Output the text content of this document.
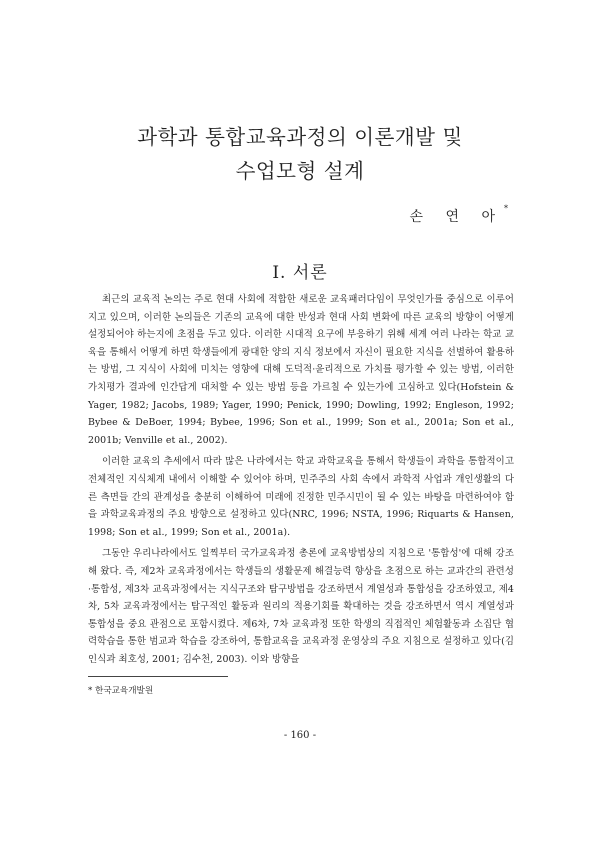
과학과 통합교육과정의 이론개발 및
수업모형 설계
손 연 아*
Ⅰ. 서론

최근의 교육적 논의는 주로 현대 사회에 적합한 새로운 교육패러다임이 무엇인가를 중심으로 이루어지고 있으며, 이러한 논의들은 기존의 교육에 대한 반성과 현대 사회 변화에 따른 교육의 방향이 어떻게 설정되어야 하는지에 초점을 두고 있다. 이러한 시대적 요구에 부응하기 위해 세계 여러 나라는 학교 교육을 통해서 어떻게 하면 학생들에게 광대한 양의 지식 정보에서 자신이 필요한 지식을 선별하여 활용하는 방법, 그 지식이 사회에 미치는 영향에 대해 도덕적·윤리적으로 가치를 평가할 수 있는 방법, 이러한 가치평가 결과에 인간답게 대처할 수 있는 방법 등을 가르칠 수 있는가에 고심하고 있다(Hofstein & Yager, 1982; Jacobs, 1989; Yager, 1990; Penick, 1990; Dowling, 1992; Engleson, 1992; Bybee & DeBoer, 1994; Bybee, 1996; Son et al., 1999; Son et al., 2001a; Son et al., 2001b; Venville et al., 2002).

이러한 교육의 추세에서 따라 많은 나라에서는 학교 과학교육을 통해서 학생들이 과학을 통합적이고 전체적인 지식체계 내에서 이해할 수 있어야 하며, 민주주의 사회 속에서 과학적 사업과 개인생활의 다른 측면들 간의 관계성을 충분히 이해하여 미래에 진정한 민주시민이 될 수 있는 바탕을 마련하여야 함을 과학교육과정의 주요 방향으로 설정하고 있다(NRC, 1996; NSTA, 1996; Riquarts & Hansen, 1998; Son et al., 1999; Son et al., 2001a).

그동안 우리나라에서도 일찍부터 국가교육과정 총론에 교육방법상의 지침으로 '통합성'에 대해 강조해 왔다. 즉, 제2차 교육과정에서는 학생들의 생활문제 해결능력 향상을 초점으로 하는 교과간의 관련성·통합성, 제3차 교육과정에서는 지식구조와 탐구방법을 강조하면서 계열성과 통합성을 강조하였고, 제4차, 5차 교육과정에서는 탐구적인 활동과 원리의 적용기회를 확대하는 것을 강조하면서 역시 계열성과 통합성을 중요 관점으로 포함시켰다. 제6차, 7차 교육과정 또한 학생의 직접적인 체험활동과 소집단 협력학습을 통한 범교과 학습을 강조하여, 통합교육을 교육과정 운영상의 주요 지침으로 설정하고 있다(김인식과 최호성, 2001; 김수천, 2003). 이와 방향을

* 한국교육개발원
- 160 -
